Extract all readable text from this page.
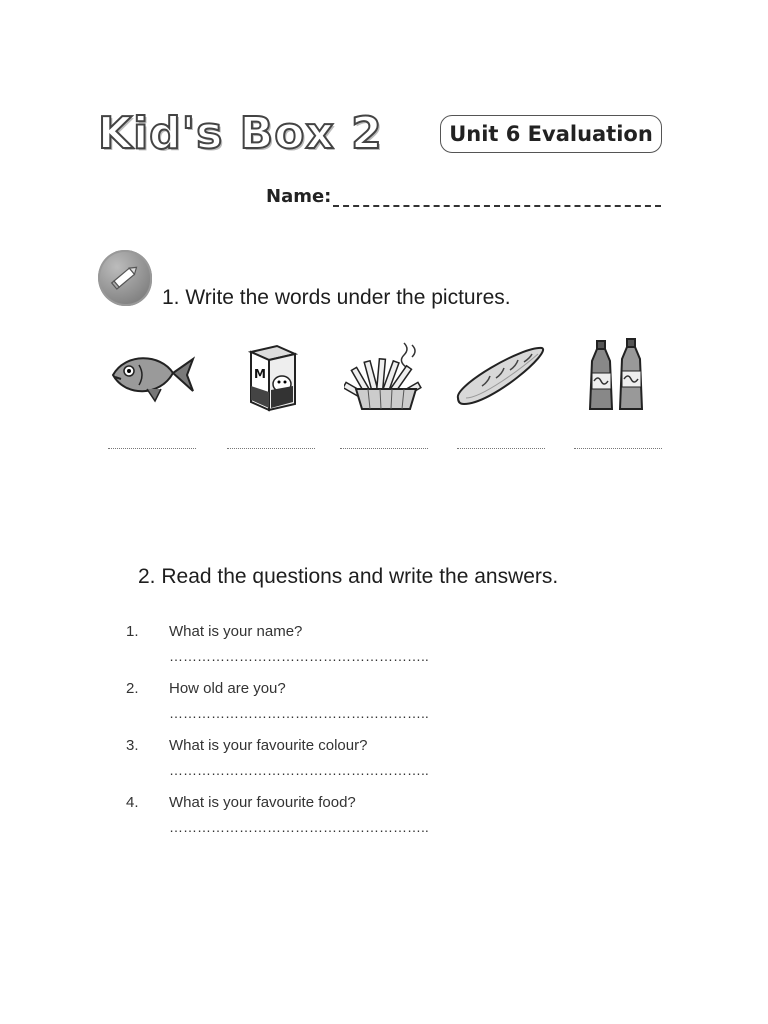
Kid's Box 2	Unit 6 Evaluation
Name:
1. Write the words under the pictures.
M
2. Read the questions and write the answers.
1. What is your name?
………………………………………………..
2. How old are you?
………………………………………………..
3. What is your favourite colour?
………………………………………………..
4. What is your favourite food?
………………………………………………..
